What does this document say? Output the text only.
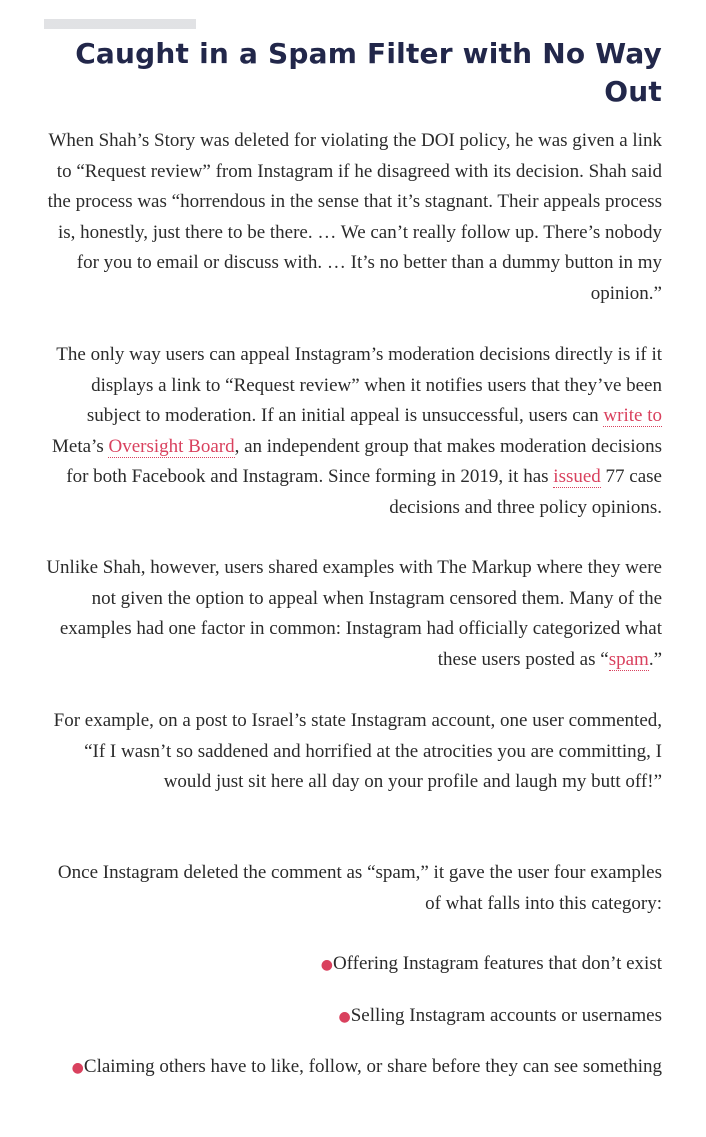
Caught in a Spam Filter with No Way Out

When Shah’s Story was deleted for violating the DOI policy, he was given a link to “Request review” from Instagram if he disagreed with its decision. Shah said the process was “horrendous in the sense that it’s stagnant. Their appeals process is, honestly, just there to be there. … We can’t really follow up. There’s nobody for you to email or discuss with. … It’s no better than a dummy button in my opinion.”

The only way users can appeal Instagram’s moderation decisions directly is if it displays a link to “Request review” when it notifies users that they’ve been subject to moderation. If an initial appeal is unsuccessful, users can write to Meta’s Oversight Board, an independent group that makes moderation decisions for both Facebook and Instagram. Since forming in 2019, it has issued 77 case decisions and three policy opinions.

Unlike Shah, however, users shared examples with The Markup where they were not given the option to appeal when Instagram censored them. Many of the examples had one factor in common: Instagram had officially categorized what these users posted as “spam.”

For example, on a post to Israel’s state Instagram account, one user commented, “If I wasn’t so saddened and horrified at the atrocities you are committing, I would just sit here all day on your profile and laugh my butt off!”

Once Instagram deleted the comment as “spam,” it gave the user four examples of what falls into this category:

●Offering Instagram features that don’t exist
●Selling Instagram accounts or usernames
●Claiming others have to like, follow, or share before they can see something
